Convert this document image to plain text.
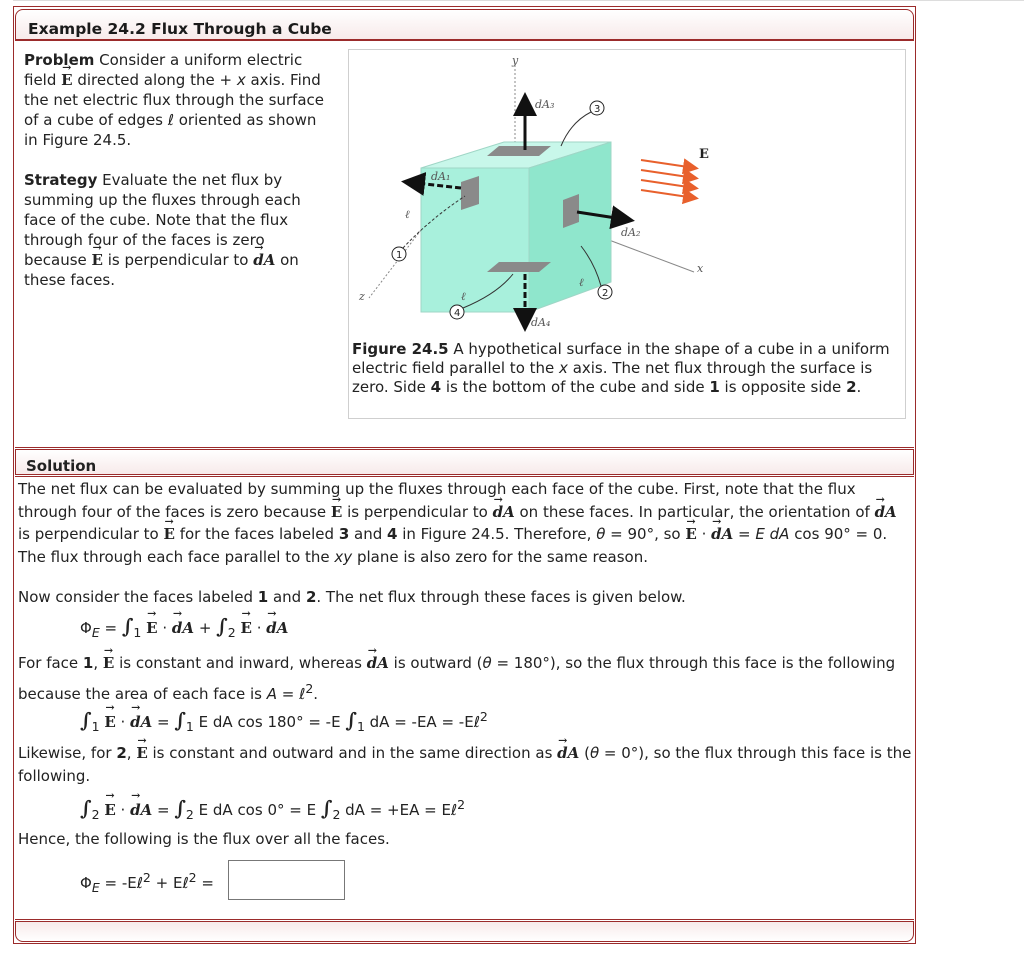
Example 24.2 Flux Through a Cube
Problem Consider a uniform electric field → E directed along the + x axis. Find the net electric flux through the surface of a cube of edges ℓ oriented as shown in Figure 24.5.
Strategy Evaluate the net flux by summing up the fluxes through each face of the cube. Note that the flux through four of the faces is zero because → E is perpendicular to → dA on these faces.
y
x
z
E
dA₃
dA₁
dA₂
dA₄
ℓ
ℓ
ℓ
1
3
2
4
Figure 24.5 A hypothetical surface in the shape of a cube in a uniform electric field parallel to the x axis. The net flux through the surface is zero. Side 4 is the bottom of the cube and side 1 is opposite side 2.
Solution
The net flux can be evaluated by summing up the fluxes through each face of the cube. First, note that the flux through four of the faces is zero because → E is perpendicular to → dA on these faces. In particular, the orientation of → dA is perpendicular to → E for the faces labeled 3 and 4 in Figure 24.5. Therefore, θ = 90°, so → E · → dA = E dA cos 90° = 0. The flux through each face parallel to the xy plane is also zero for the same reason.
Now consider the faces labeled 1 and 2. The net flux through these faces is given below.
$\Phi_E = \int_1 \to E$ · → dA + $\int_2 \to E$ · → dA
For face 1, → E is constant and inward, whereas → dA is outward (θ = 180°), so the flux through this face is the following because the area of each face is A = ℓ$^2$.
$\int_1 \to E$ · → dA = $\int_1$ E dA cos 180° = -E $\int_1$ dA = -EA = -Eℓ$^2$
Likewise, for 2, → E is constant and outward and in the same direction as → dA (θ = 0°), so the flux through this face is the following.
$\int_2 \to E$ · → dA = $\int_2$ E dA cos 0° = E $\int_2$ dA = +EA = Eℓ$^2$
Hence, the following is the flux over all the faces.
$\Phi_E$ = -Eℓ$^2$ + Eℓ$^2$ =
